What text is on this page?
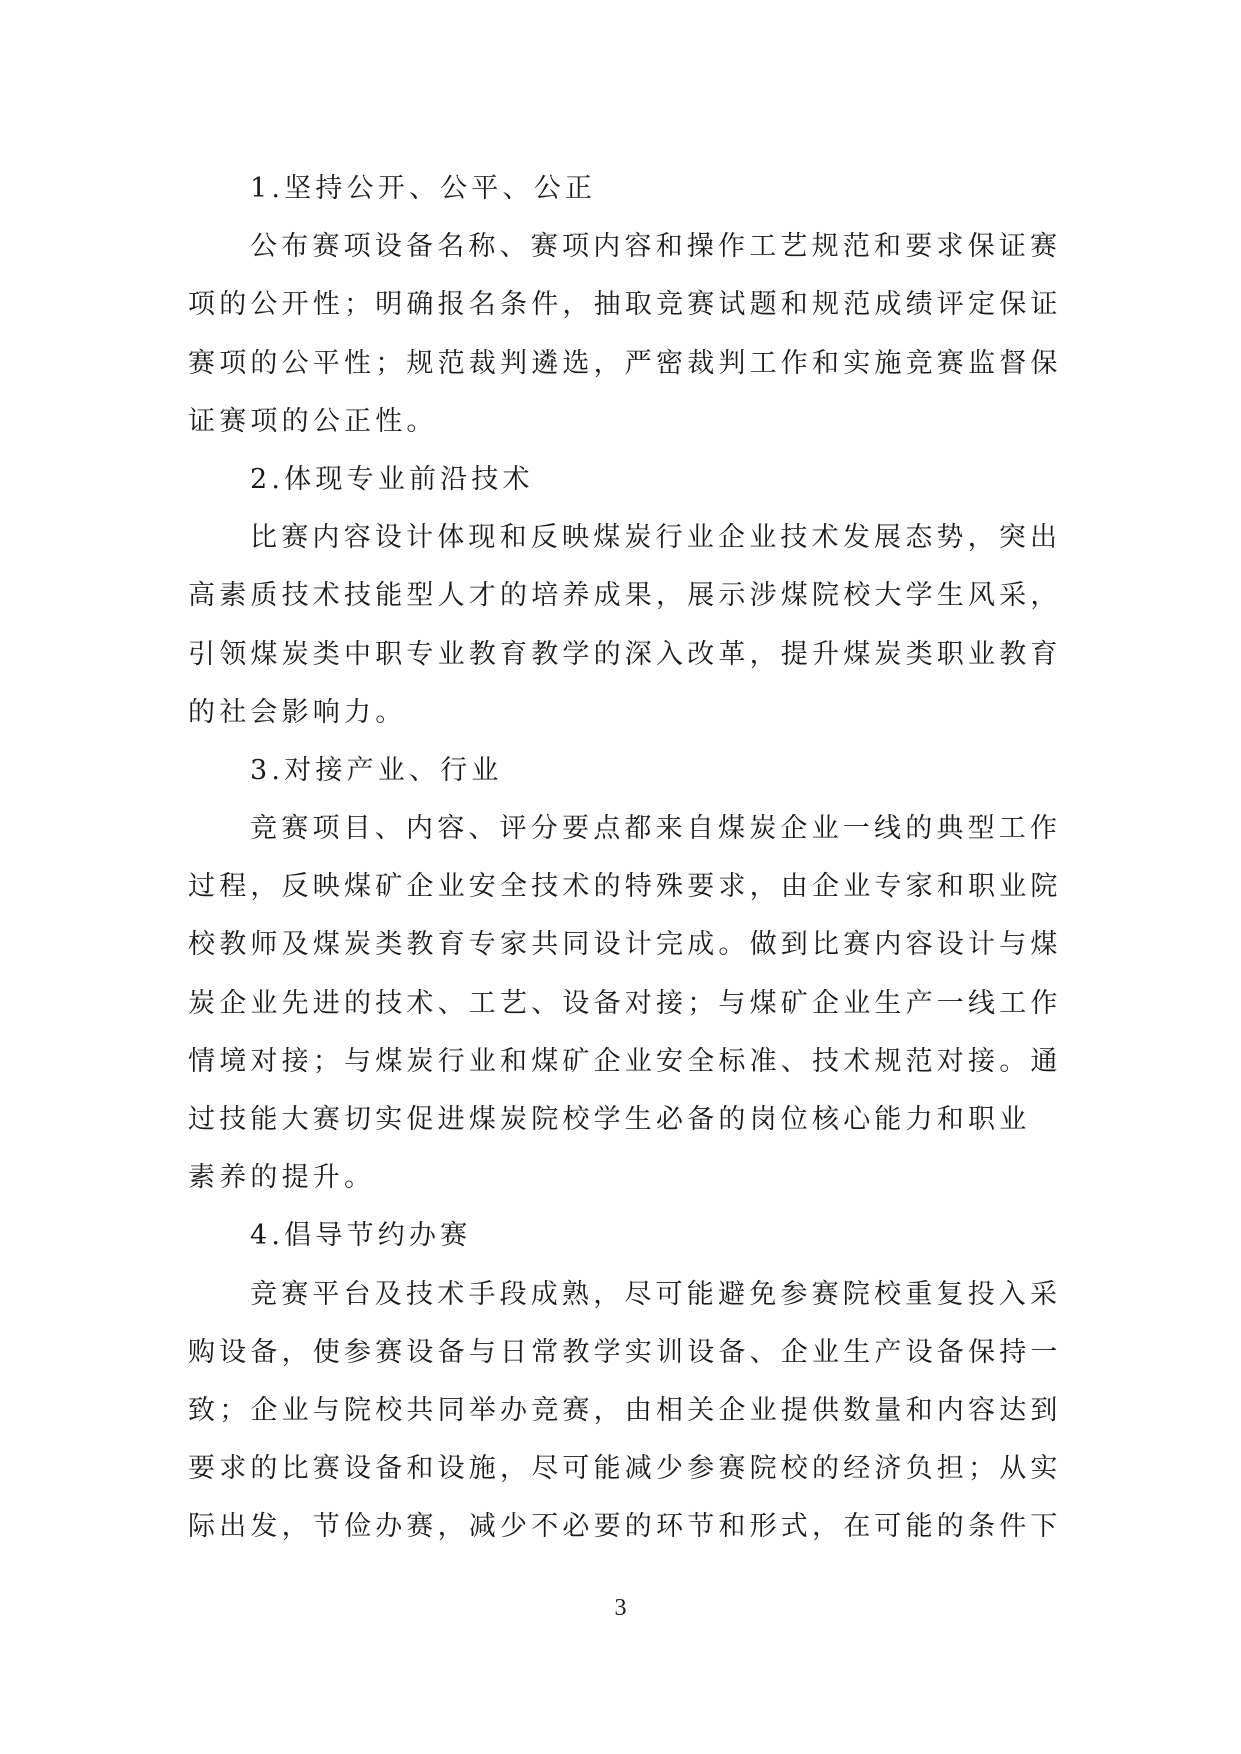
1.坚持公开、公平、公正
公布赛项设备名称、赛项内容和操作工艺规范和要求保证赛
项的公开性；明确报名条件，抽取竞赛试题和规范成绩评定保证
赛项的公平性；规范裁判遴选，严密裁判工作和实施竞赛监督保
证赛项的公正性。
2.体现专业前沿技术
比赛内容设计体现和反映煤炭行业企业技术发展态势，突出
高素质技术技能型人才的培养成果，展示涉煤院校大学生风采，
引领煤炭类中职专业教育教学的深入改革，提升煤炭类职业教育
的社会影响力。
3.对接产业、行业
竞赛项目、内容、评分要点都来自煤炭企业一线的典型工作
过程，反映煤矿企业安全技术的特殊要求，由企业专家和职业院
校教师及煤炭类教育专家共同设计完成。做到比赛内容设计与煤
炭企业先进的技术、工艺、设备对接；与煤矿企业生产一线工作
情境对接；与煤炭行业和煤矿企业安全标准、技术规范对接。通
过技能大赛切实促进煤炭院校学生必备的岗位核心能力和职业
素养的提升。
4.倡导节约办赛
竞赛平台及技术手段成熟，尽可能避免参赛院校重复投入采
购设备，使参赛设备与日常教学实训设备、企业生产设备保持一
致；企业与院校共同举办竞赛，由相关企业提供数量和内容达到
要求的比赛设备和设施，尽可能减少参赛院校的经济负担；从实
际出发，节俭办赛，减少不必要的环节和形式，在可能的条件下
3
